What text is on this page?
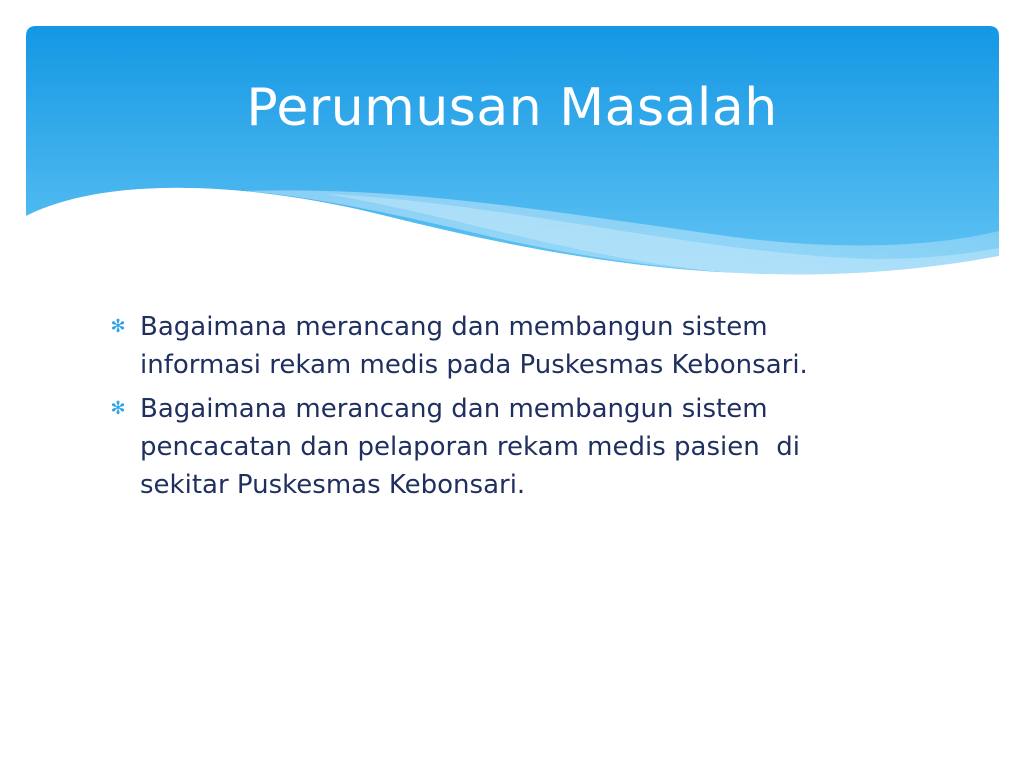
Perumusan Masalah
✻ Bagaimana merancang dan membangun sistem informasi rekam medis pada Puskesmas Kebonsari.
✻ Bagaimana merancang dan membangun sistem pencacatan dan pelaporan rekam medis pasien  di sekitar Puskesmas Kebonsari.
